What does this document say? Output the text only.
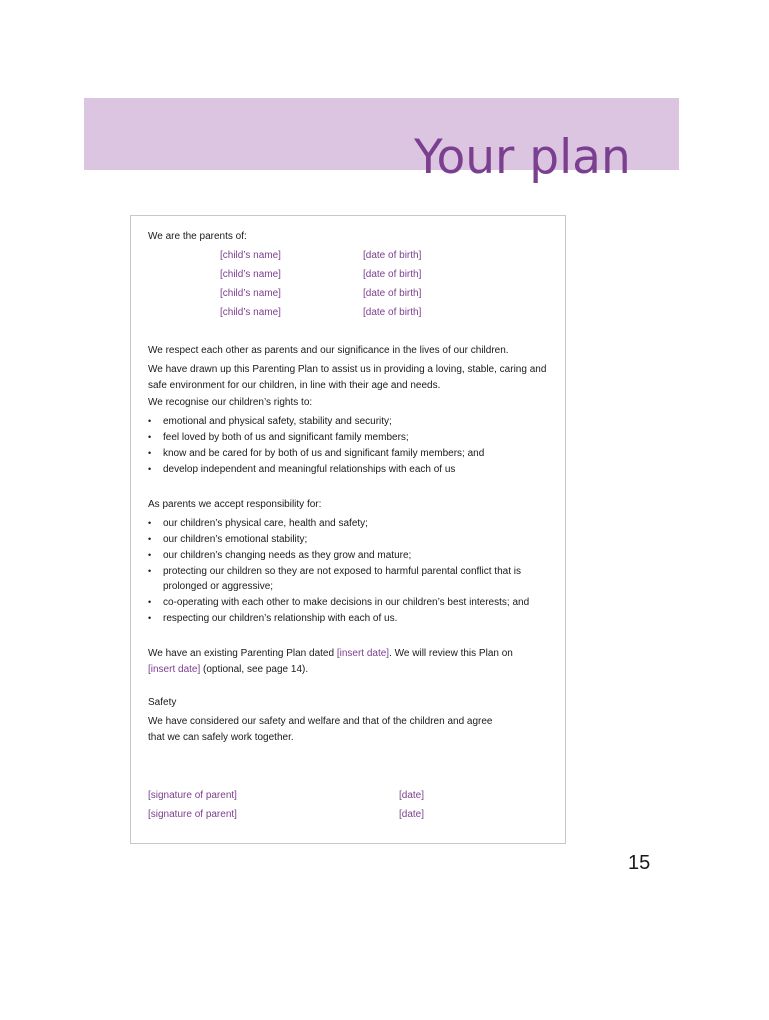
Your plan

We are the parents of:

[child’s name]	[date of birth]
[child’s name]	[date of birth]
[child’s name]	[date of birth]
[child’s name]	[date of birth]

We respect each other as parents and our significance in the lives of our children.

We have drawn up this Parenting Plan to assist us in providing a loving, stable, caring and safe environment for our children, in line with their age and needs.

We recognise our children’s rights to:

• emotional and physical safety, stability and security;
• feel loved by both of us and significant family members;
• know and be cared for by both of us and significant family members; and
• develop independent and meaningful relationships with each of us

As parents we accept responsibility for:

• our children’s physical care, health and safety;
• our children’s emotional stability;
• our children’s changing needs as they grow and mature;
• protecting our children so they are not exposed to harmful parental conflict that is prolonged or aggressive;
• co-operating with each other to make decisions in our children’s best interests; and
• respecting our children’s relationship with each of us.

We have an existing Parenting Plan dated [insert date]. We will review this Plan on [insert date] (optional, see page 14).

Safety

We have considered our safety and welfare and that of the children and agree that we can safely work together.

[signature of parent]	[date]
[signature of parent]	[date]

15
